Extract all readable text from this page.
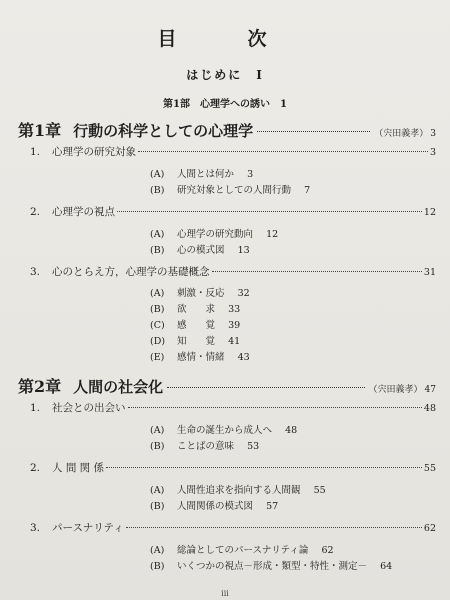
目　次
はじめに　I
第1部　心理学への誘い　1
第1章 行動の科学としての心理学	（宍田義孝） 3
1.	心理学の研究対象	3
(A) 人間とは何か 3
(B) 研究対象としての人間行動 7
2.	心理学の視点	12
(A) 心理学の研究動向 12
(B) 心の模式図 13
3.	心のとらえ方，心理学の基礎概念	31
(A) 刺激・反応 32
(B) 欲　　求 33
(C) 感　　覚 39
(D) 知　　覚 41
(E) 感情・情緒 43
第2章 人間の社会化	（宍田義孝） 47
1.	社会との出会い	48
(A) 生命の誕生から成人へ 48
(B) ことばの意味 53
2.	人 間 関 係	55
(A) 人間性追求を指向する人間観 55
(B) 人間関係の模式図 57
3.	パースナリティ	62
(A) 総論としてのパースナリティ論 62
(B) いくつかの視点－形成・類型・特性・測定－ 64
iii
